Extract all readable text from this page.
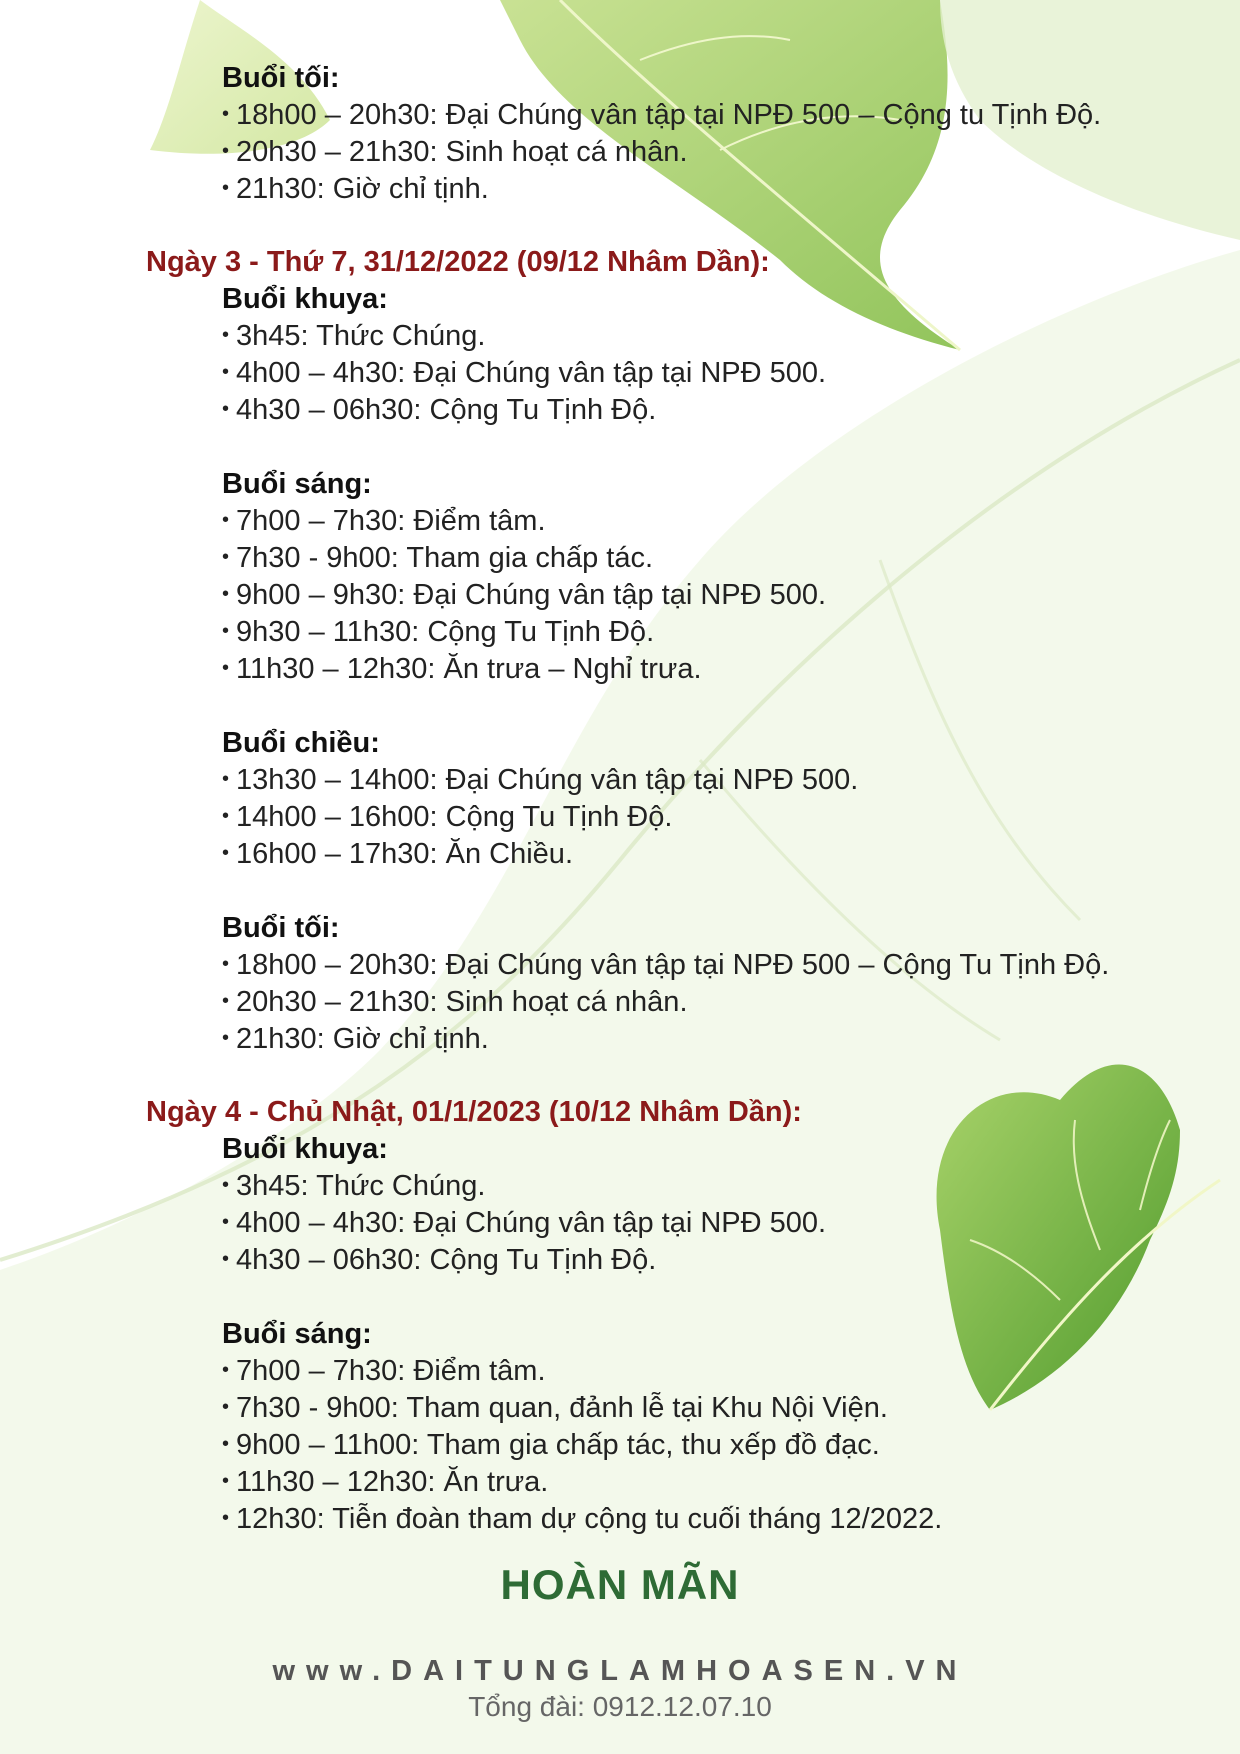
Buổi tối:
• 18h00 – 20h30: Đại Chúng vân tập tại NPĐ 500 – Cộng tu Tịnh Độ.
• 20h30 – 21h30: Sinh hoạt cá nhân.
• 21h30: Giờ chỉ tịnh.
Ngày 3 - Thứ 7, 31/12/2022 (09/12 Nhâm Dần):
Buổi khuya:
• 3h45: Thức Chúng.
• 4h00 – 4h30: Đại Chúng vân tập tại NPĐ 500.
• 4h30 – 06h30: Cộng Tu Tịnh Độ.
Buổi sáng:
• 7h00 – 7h30: Điểm tâm.
• 7h30 - 9h00: Tham gia chấp tác.
• 9h00 – 9h30: Đại Chúng vân tập tại NPĐ 500.
• 9h30 – 11h30: Cộng Tu Tịnh Độ.
• 11h30 – 12h30: Ăn trưa – Nghỉ trưa.
Buổi chiều:
• 13h30 – 14h00: Đại Chúng vân tập tại NPĐ 500.
• 14h00 – 16h00: Cộng Tu Tịnh Độ.
• 16h00 – 17h30: Ăn Chiều.
Buổi tối:
• 18h00 – 20h30: Đại Chúng vân tập tại NPĐ 500 – Cộng Tu Tịnh Độ.
• 20h30 – 21h30: Sinh hoạt cá nhân.
• 21h30: Giờ chỉ tịnh.
Ngày 4 - Chủ Nhật, 01/1/2023 (10/12 Nhâm Dần):
Buổi khuya:
• 3h45: Thức Chúng.
• 4h00 – 4h30: Đại Chúng vân tập tại NPĐ 500.
• 4h30 – 06h30: Cộng Tu Tịnh Độ.
Buổi sáng:
• 7h00 – 7h30: Điểm tâm.
• 7h30 - 9h00: Tham quan, đảnh lễ tại Khu Nội Viện.
• 9h00 – 11h00: Tham gia chấp tác, thu xếp đồ đạc.
• 11h30 – 12h30: Ăn trưa.
• 12h30: Tiễn đoàn tham dự cộng tu cuối tháng 12/2022.
HOÀN MÃN
www.DAITUNGLAMHOASEN.VN
Tổng đài: 0912.12.07.10
